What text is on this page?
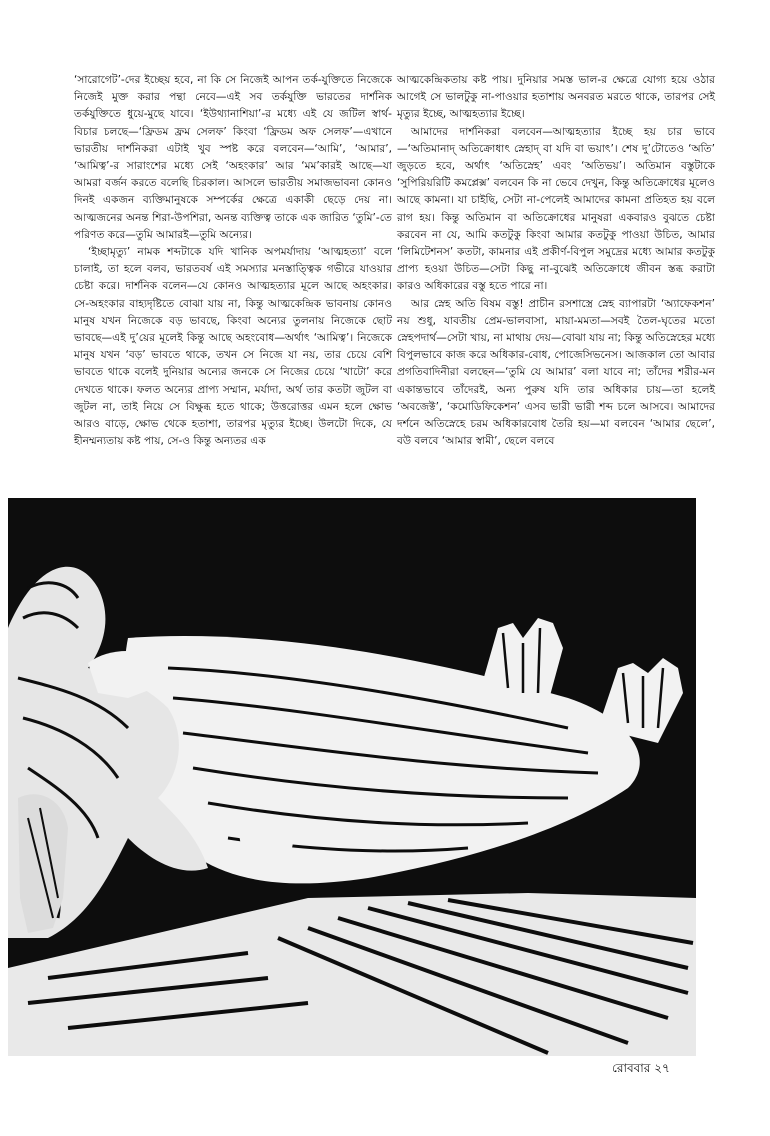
‘সারোগেট’-দের ইচ্ছেয় হবে, না কি সে নিজেই আপন তর্ক-যুক্তিতে নিজেকে নিজেই মুক্ত করার পন্থা নেবে—এই সব তর্কযুক্তি ভারতের দার্শনিক তর্কযুক্তিতে ধুয়ে-মুছে যাবে। ‘ইউথ্যানাশিয়া’-র মধ্যে এই যে জটিল স্বার্থ-বিচার চলছে—‘ফ্রিডম ফ্রম সেলফ’ কিংবা ‘ফ্রিডম অফ সেলফ’—এখানে ভারতীয় দার্শনিকরা এটাই খুব স্পষ্ট করে বলবেন—‘আমি’, ‘আমার’, ‘আমিত্ব’-র সারাংশের মধ্যে সেই ‘অহংকার’ আর ‘মম’কারই আছে—যা আমরা বর্জন করতে বলেছি চিরকাল। আসলে ভারতীয় সমাজভাবনা কোনও দিনই একজন ব্যক্তিমানুষকে সম্পর্কের ক্ষেত্রে একাকী ছেড়ে দেয় না। আত্মজনের অনন্ত শিরা-উপশিরা, অনন্ত ব্যক্তিত্ব তাকে এক জারিত ‘তুমি’-তে পরিণত করে—তুমি আমারই—তুমি অন্যের।

‘ইচ্ছামৃত্যু’ নামক শব্দটাকে যদি খানিক অপমর্যাদায় ‘আত্মহত্যা’ বলে চালাই, তা হলে বলব, ভারতবর্ষ এই সমস্যার মনস্তাত্ত্বিক গভীরে যাওয়ার চেষ্টা করে। দার্শনিক বলেন—যে কোনও আত্মহত্যার মূলে আছে অহংকার। সে-অহংকার বাহ্যদৃষ্টিতে বোঝা যায় না, কিন্তু আত্মকেন্দ্রিক ভাবনায় কোনও মানুষ যখন নিজেকে বড় ভাবছে, কিংবা অন্যের তুলনায় নিজেকে ছোট ভাবছে—এই দু’য়ের মূলেই কিন্তু আছে অহংবোধ—অর্থাৎ ‘আমিত্ব’। নিজেকে মানুষ যখন ‘বড়’ ভাবতে থাকে, তখন সে নিজে যা নয়, তার চেয়ে বেশি ভাবতে থাকে বলেই দুনিয়ার অন্যের জনকে সে নিজের চেয়ে ‘খাটো’ করে দেখতে থাকে। ফলত অন্যের প্রাপ্য সম্মান, মর্যাদা, অর্থ তার কতটা জুটল বা জুটল না, তাই নিয়ে সে বিক্ষুব্ধ হতে থাকে; উত্তরোত্তর এমন হলে ক্ষোভ আরও বাড়ে, ক্ষোভ থেকে হতাশা, তারপর মৃত্যুর ইচ্ছে। উলটো দিকে, যে হীনম্মন্যতায় কষ্ট পায়, সে-ও কিন্তু অন্যতর এক

আত্মকেন্দ্রিকতায় কষ্ট পায়। দুনিয়ার সমস্ত ভাল-র ক্ষেত্রে যোগ্য হয়ে ওঠার আগেই সে ভালটুকু না-পাওয়ার হতাশায় অনবরত মরতে থাকে, তারপর সেই মৃত্যুর ইচ্ছে, আত্মহত্যার ইচ্ছে।

আমাদের দার্শনিকরা বলবেন—আত্মহত্যার ইচ্ছে হয় চার ভাবে—‘অতিমানাদ্ অতিক্রোধাৎ স্নেহাদ্ বা যদি বা ভয়াৎ’। শেষ দু’টোতেও ‘অতি’ জুড়তে হবে, অর্থাৎ ‘অতিস্নেহ’ এবং ‘অতিভয়’। অতিমান বস্তুটাকে ‘সুপিরিয়রিটি কমপ্লেক্স’ বলবেন কি না ভেবে দেখুন, কিন্তু অতিক্রোধের মূলেও আছে কামনা। যা চাইছি, সেটা না-পেলেই আমাদের কামনা প্রতিহত হয় বলে রাগ হয়। কিন্তু অতিমান বা অতিক্রোধের মানুষরা একবারও বুঝতে চেষ্টা করবেন না যে, আমি কতটুকু কিংবা আমার কতটুকু পাওয়া উচিত, আমার ‘লিমিটেশনস’ কতটা, কামনার এই প্রকীর্ণ-বিপুল সমুদ্রের মধ্যে আমার কতটুকু প্রাপ্য হওয়া উচিত—সেটা কিছু না-বুঝেই অতিক্রোধে জীবন স্তব্ধ করাটা কারও অধিকারের বস্তু হতে পারে না।

আর স্নেহ অতি বিষম বস্তু! প্রাচীন রসশাস্ত্রে স্নেহ ব্যাপারটা ‘অ্যাফেকশন’ নয় শুধু, যাবতীয় প্রেম-ভালবাসা, মায়া-মমতা—সবই তৈল-ঘৃতের মতো স্নেহপদার্থ—সেটা খায়, না মাথায় দেয়—বোঝা যায় না; কিন্তু অতিস্নেহের মধ্যে বিপুলভাবে কাজ করে অধিকার-বোধ, পোজেসিভনেস। আজকাল তো আবার প্রগতিবাদিনীরা বলছেন—‘তুমি যে আমার’ বলা যাবে না; তাঁদের শরীর-মন একান্তভাবে তাঁদেরই, অন্য পুরুষ যদি তার অধিকার চায়—তা হলেই ‘অবজেক্ট’, ‘কমোডিফিকেশন’ এসব ভারী ভারী শব্দ চলে আসবে। আমাদের দর্শনে অতিস্নেহে চরম অধিকারবোধ তৈরি হয়—মা বলবেন ‘আমার ছেলে’, বউ বলবে ‘আমার স্বামী’, ছেলে বলবে

রোববার ২৭
